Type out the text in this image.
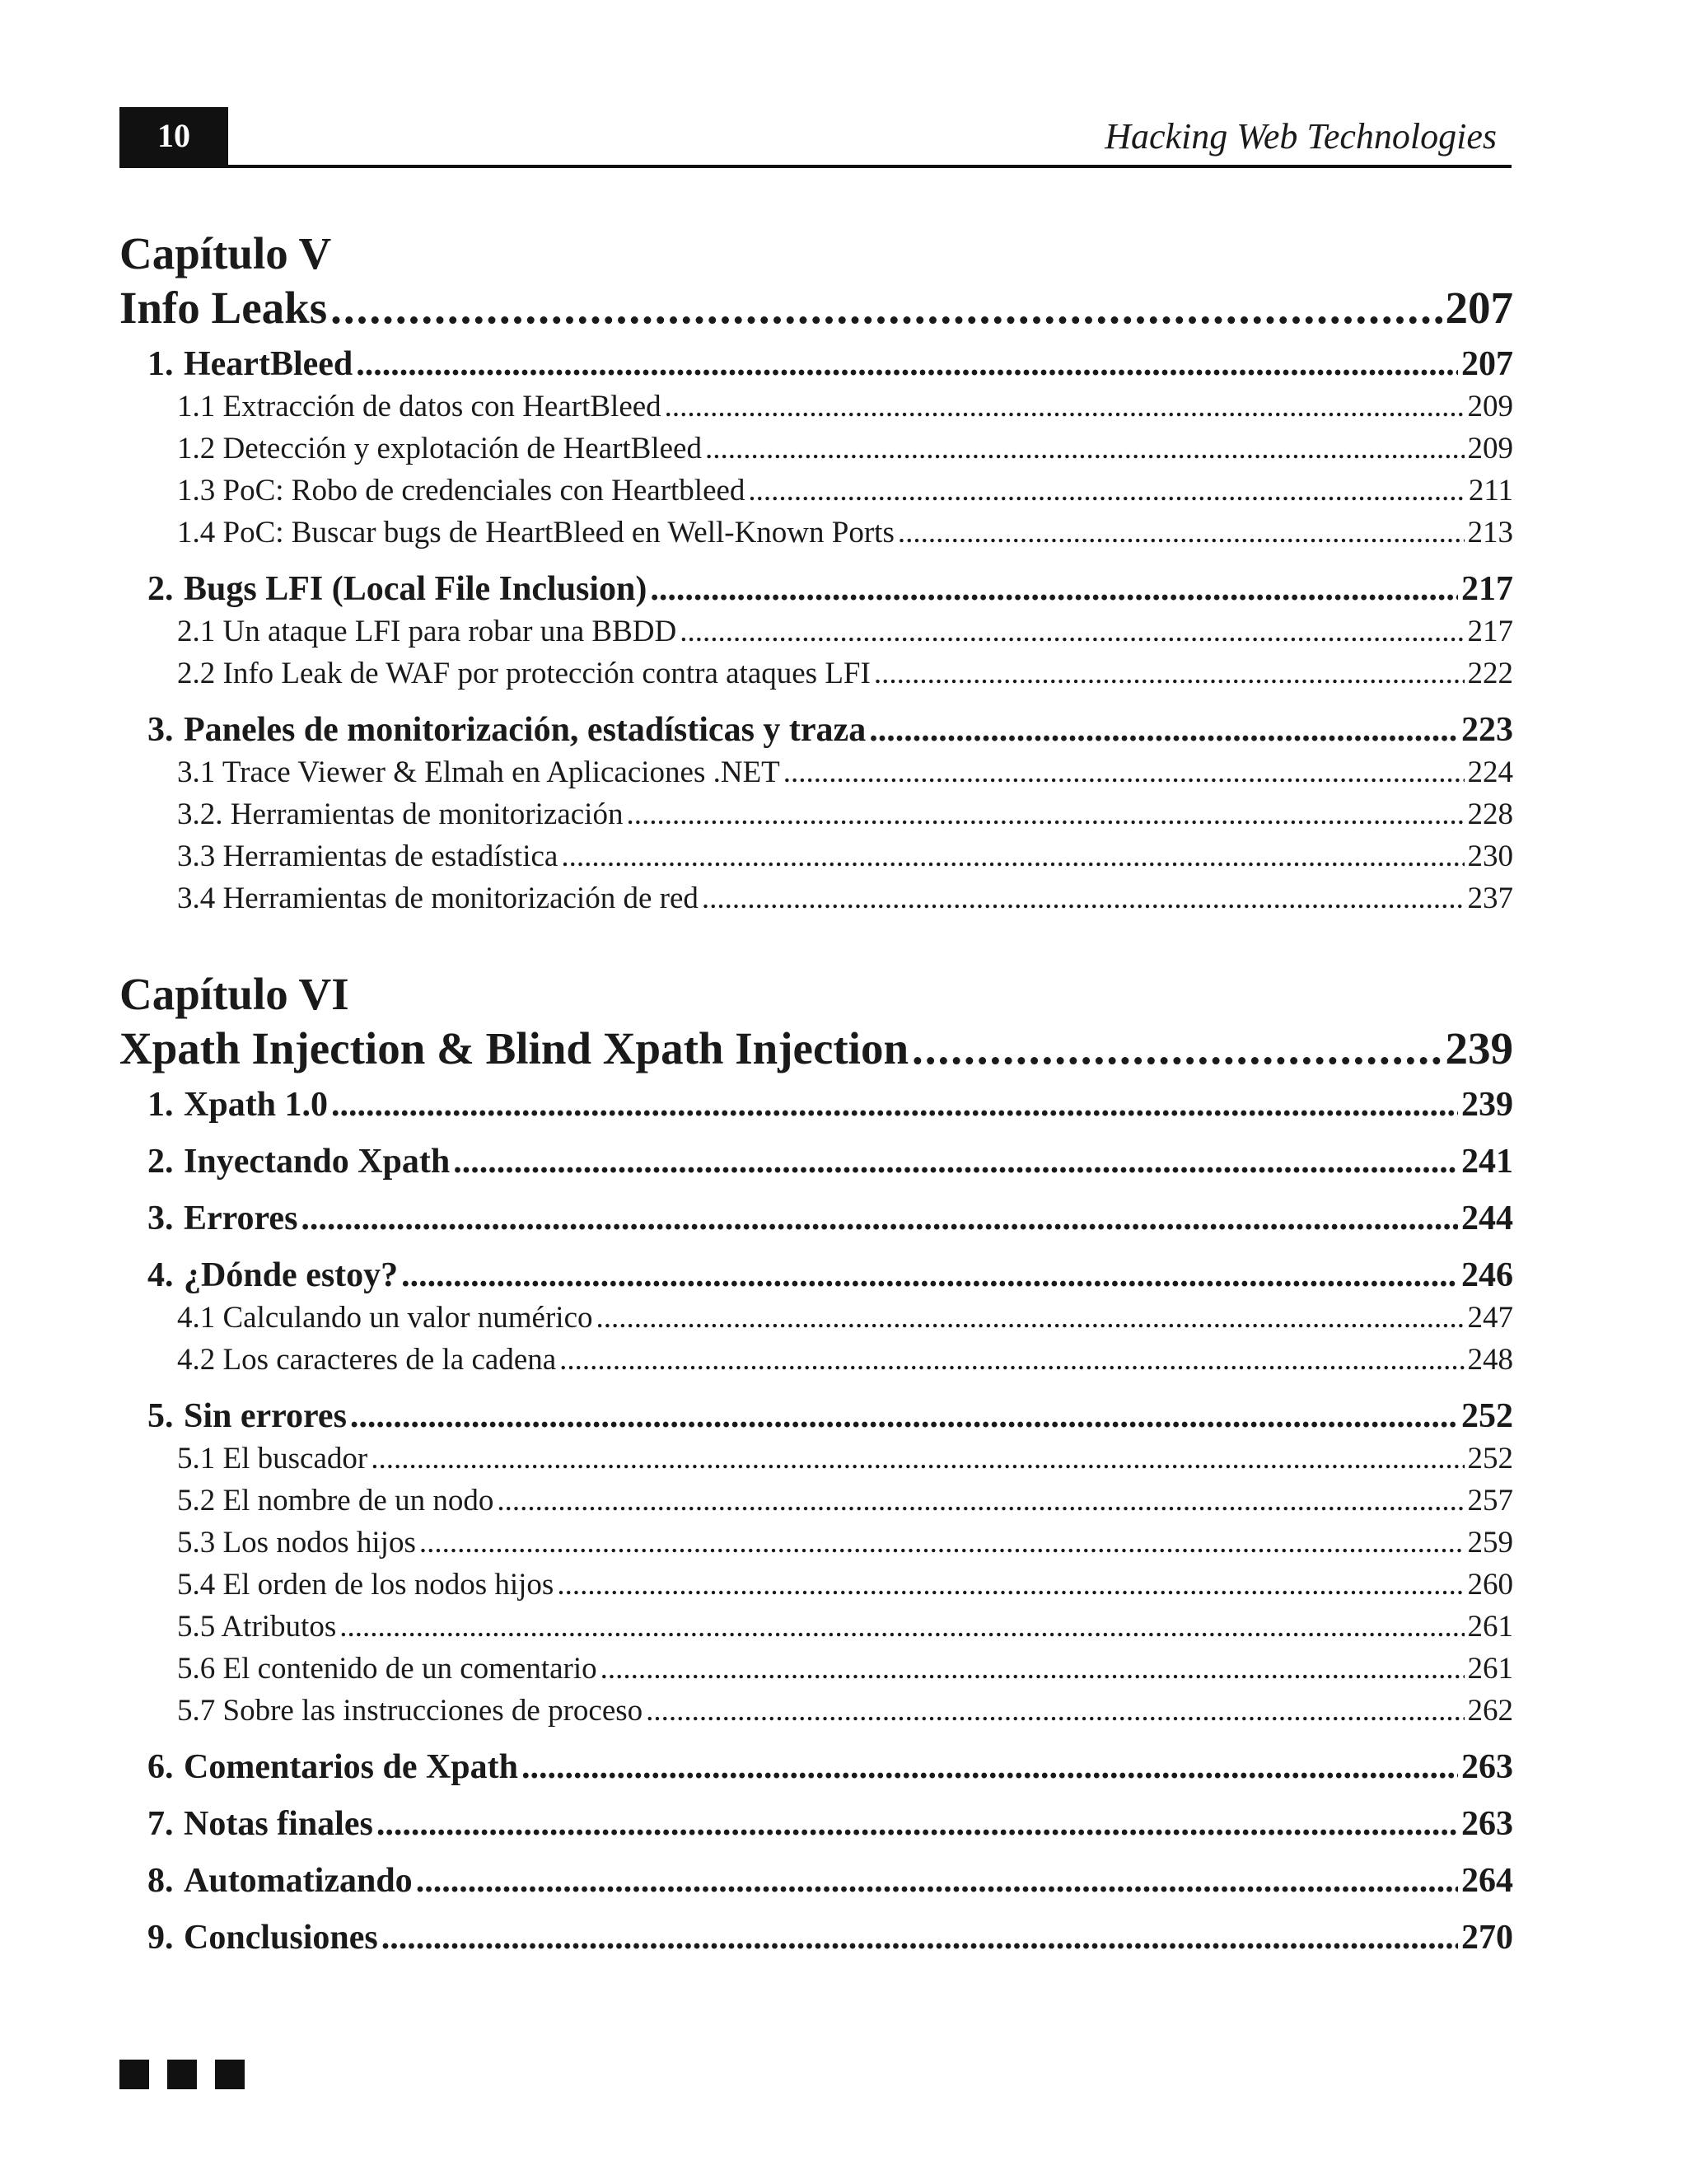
10	Hacking Web Technologies
Capítulo V
Info Leaks .....	207
1. HeartBleed .....	207
1.1 Extracción de datos con HeartBleed .....	209
1.2 Detección y explotación de HeartBleed .....	209
1.3 PoC: Robo de credenciales con Heartbleed .....	211
1.4 PoC: Buscar bugs de HeartBleed en Well-Known Ports .....	213
2. Bugs LFI (Local File Inclusion) .....	217
2.1 Un ataque LFI para robar una BBDD .....	217
2.2 Info Leak de WAF por protección contra ataques LFI .....	222
3. Paneles de monitorización, estadísticas y traza .....	223
3.1 Trace Viewer & Elmah en Aplicaciones .NET .....	224
3.2. Herramientas de monitorización .....	228
3.3 Herramientas de estadística .....	230
3.4 Herramientas de monitorización de red .....	237
Capítulo VI
Xpath Injection & Blind Xpath Injection .....	239
1. Xpath 1.0 .....	239
2. Inyectando Xpath .....	241
3. Errores .....	244
4. ¿Dónde estoy? .....	246
4.1 Calculando un valor numérico .....	247
4.2 Los caracteres de la cadena .....	248
5. Sin errores .....	252
5.1 El buscador .....	252
5.2 El nombre de un nodo .....	257
5.3 Los nodos hijos .....	259
5.4 El orden de los nodos hijos .....	260
5.5 Atributos .....	261
5.6 El contenido de un comentario .....	261
5.7 Sobre las instrucciones de proceso .....	262
6. Comentarios de Xpath .....	263
7. Notas finales .....	263
8. Automatizando .....	264
9. Conclusiones .....	270
